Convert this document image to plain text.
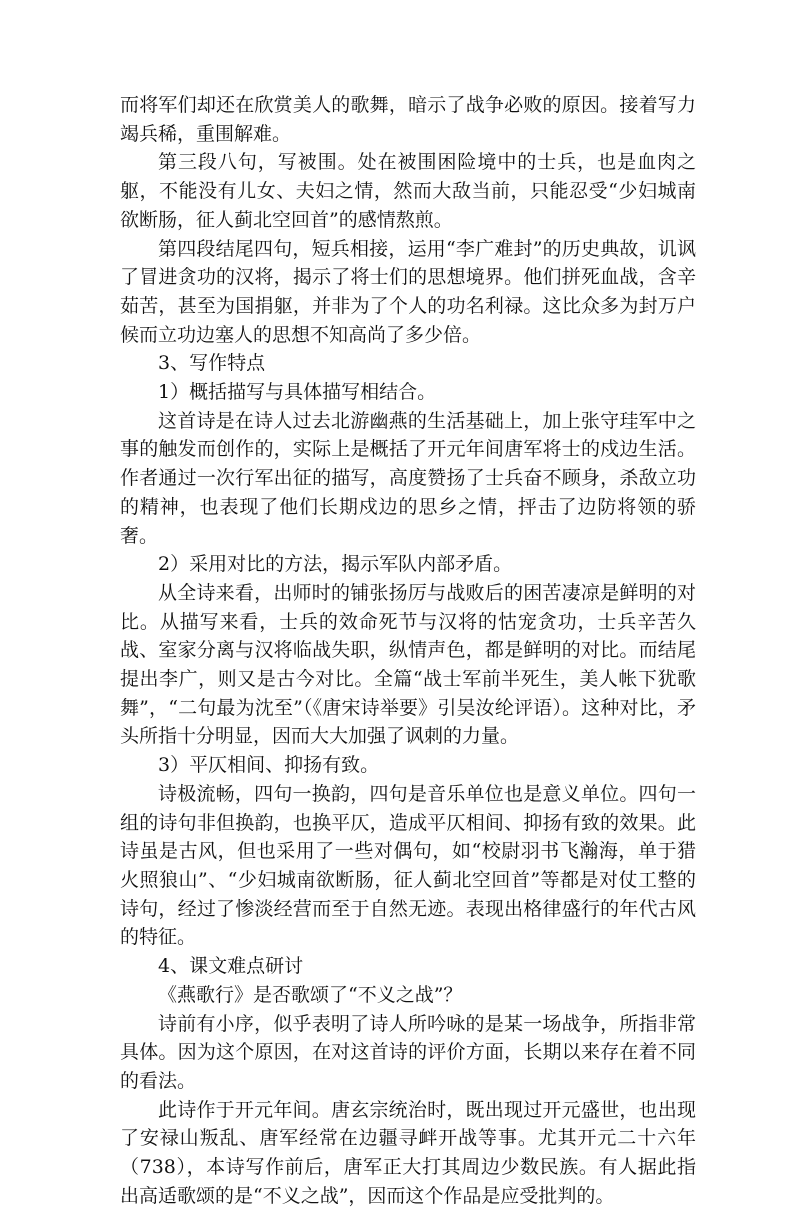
而将军们却还在欣赏美人的歌舞，暗示了战争必败的原因。接着写力竭兵稀，重围解难。

第三段八句，写被围。处在被围困险境中的士兵，也是血肉之躯，不能没有儿女、夫妇之情，然而大敌当前，只能忍受“少妇城南欲断肠，征人蓟北空回首”的感情熬煎。

第四段结尾四句，短兵相接，运用“李广难封”的历史典故，讥讽了冒进贪功的汉将，揭示了将士们的思想境界。他们拼死血战，含辛茹苦，甚至为国捐躯，并非为了个人的功名利禄。这比众多为封万户候而立功边塞人的思想不知高尚了多少倍。

3、写作特点

1）概括描写与具体描写相结合。

这首诗是在诗人过去北游幽燕的生活基础上，加上张守珪军中之事的触发而创作的，实际上是概括了开元年间唐军将士的戍边生活。作者通过一次行军出征的描写，高度赞扬了士兵奋不顾身，杀敌立功的精神，也表现了他们长期戍边的思乡之情，抨击了边防将领的骄奢。

2）采用对比的方法，揭示军队内部矛盾。

从全诗来看，出师时的铺张扬厉与战败后的困苦凄凉是鲜明的对比。从描写来看，士兵的效命死节与汉将的怙宠贪功，士兵辛苦久战、室家分离与汉将临战失职，纵情声色，都是鲜明的对比。而结尾提出李广，则又是古今对比。全篇“战士军前半死生，美人帐下犹歌舞”，“二句最为沈至”（《唐宋诗举要》引吴汝纶评语）。这种对比，矛头所指十分明显，因而大大加强了讽刺的力量。

3）平仄相间、抑扬有致。

诗极流畅，四句一换韵，四句是音乐单位也是意义单位。四句一组的诗句非但换韵，也换平仄，造成平仄相间、抑扬有致的效果。此诗虽是古风，但也采用了一些对偶句，如“校尉羽书飞瀚海，单于猎火照狼山”、“少妇城南欲断肠，征人蓟北空回首”等都是对仗工整的诗句，经过了惨淡经营而至于自然无迹。表现出格律盛行的年代古风的特征。

4、课文难点研讨

《燕歌行》是否歌颂了“不义之战”？

诗前有小序，似乎表明了诗人所吟咏的是某一场战争，所指非常具体。因为这个原因，在对这首诗的评价方面，长期以来存在着不同的看法。

此诗作于开元年间。唐玄宗统治时，既出现过开元盛世，也出现了安禄山叛乱、唐军经常在边疆寻衅开战等事。尤其开元二十六年（738），本诗写作前后，唐军正大打其周边少数民族。有人据此指出高适歌颂的是“不义之战”，因而这个作品是应受批判的。
